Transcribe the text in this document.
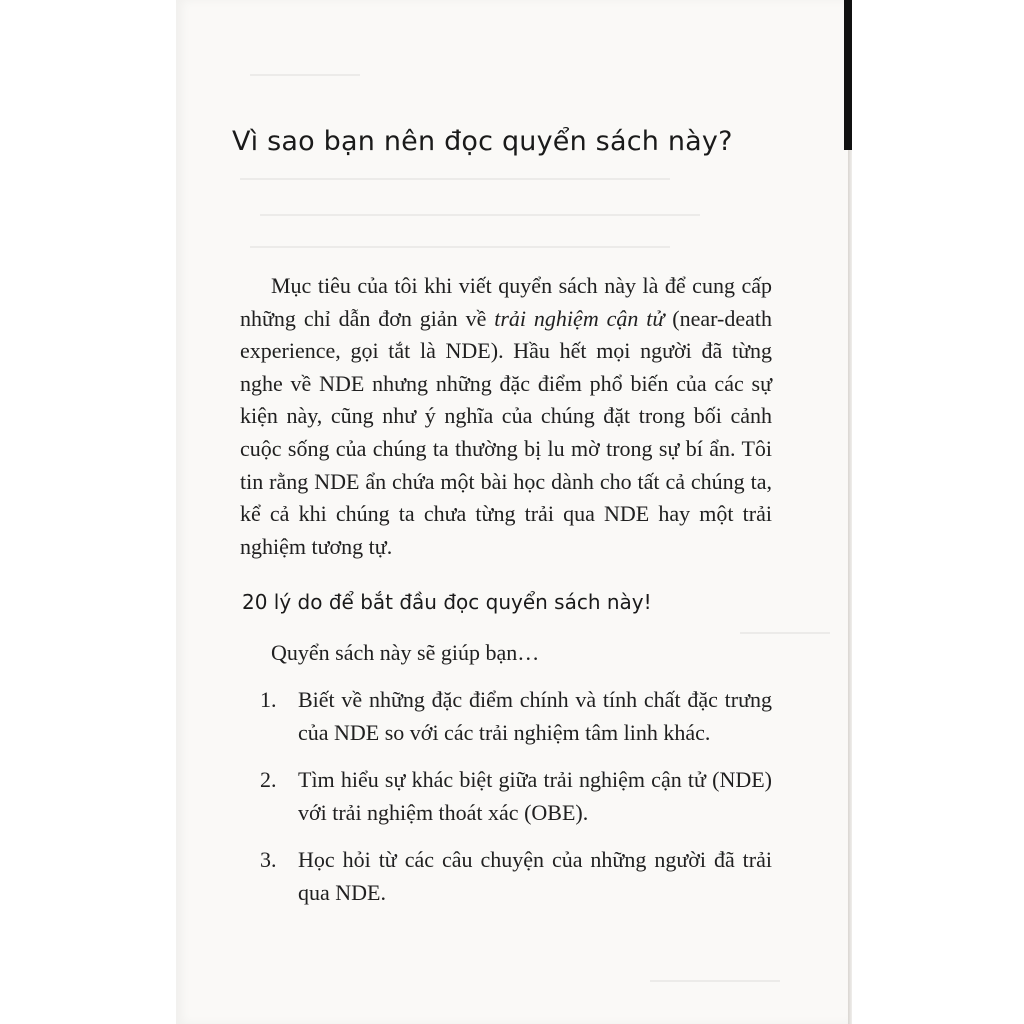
Vì sao bạn nên đọc quyển sách này?

Mục tiêu của tôi khi viết quyển sách này là để cung cấp những chỉ dẫn đơn giản về trải nghiệm cận tử (near-death experience, gọi tắt là NDE). Hầu hết mọi người đã từng nghe về NDE nhưng những đặc điểm phổ biến của các sự kiện này, cũng như ý nghĩa của chúng đặt trong bối cảnh cuộc sống của chúng ta thường bị lu mờ trong sự bí ẩn. Tôi tin rằng NDE ẩn chứa một bài học dành cho tất cả chúng ta, kể cả khi chúng ta chưa từng trải qua NDE hay một trải nghiệm tương tự.

20 lý do để bắt đầu đọc quyển sách này!

Quyển sách này sẽ giúp bạn…

1. Biết về những đặc điểm chính và tính chất đặc trưng của NDE so với các trải nghiệm tâm linh khác.
2. Tìm hiểu sự khác biệt giữa trải nghiệm cận tử (NDE) với trải nghiệm thoát xác (OBE).
3. Học hỏi từ các câu chuyện của những người đã trải qua NDE.
